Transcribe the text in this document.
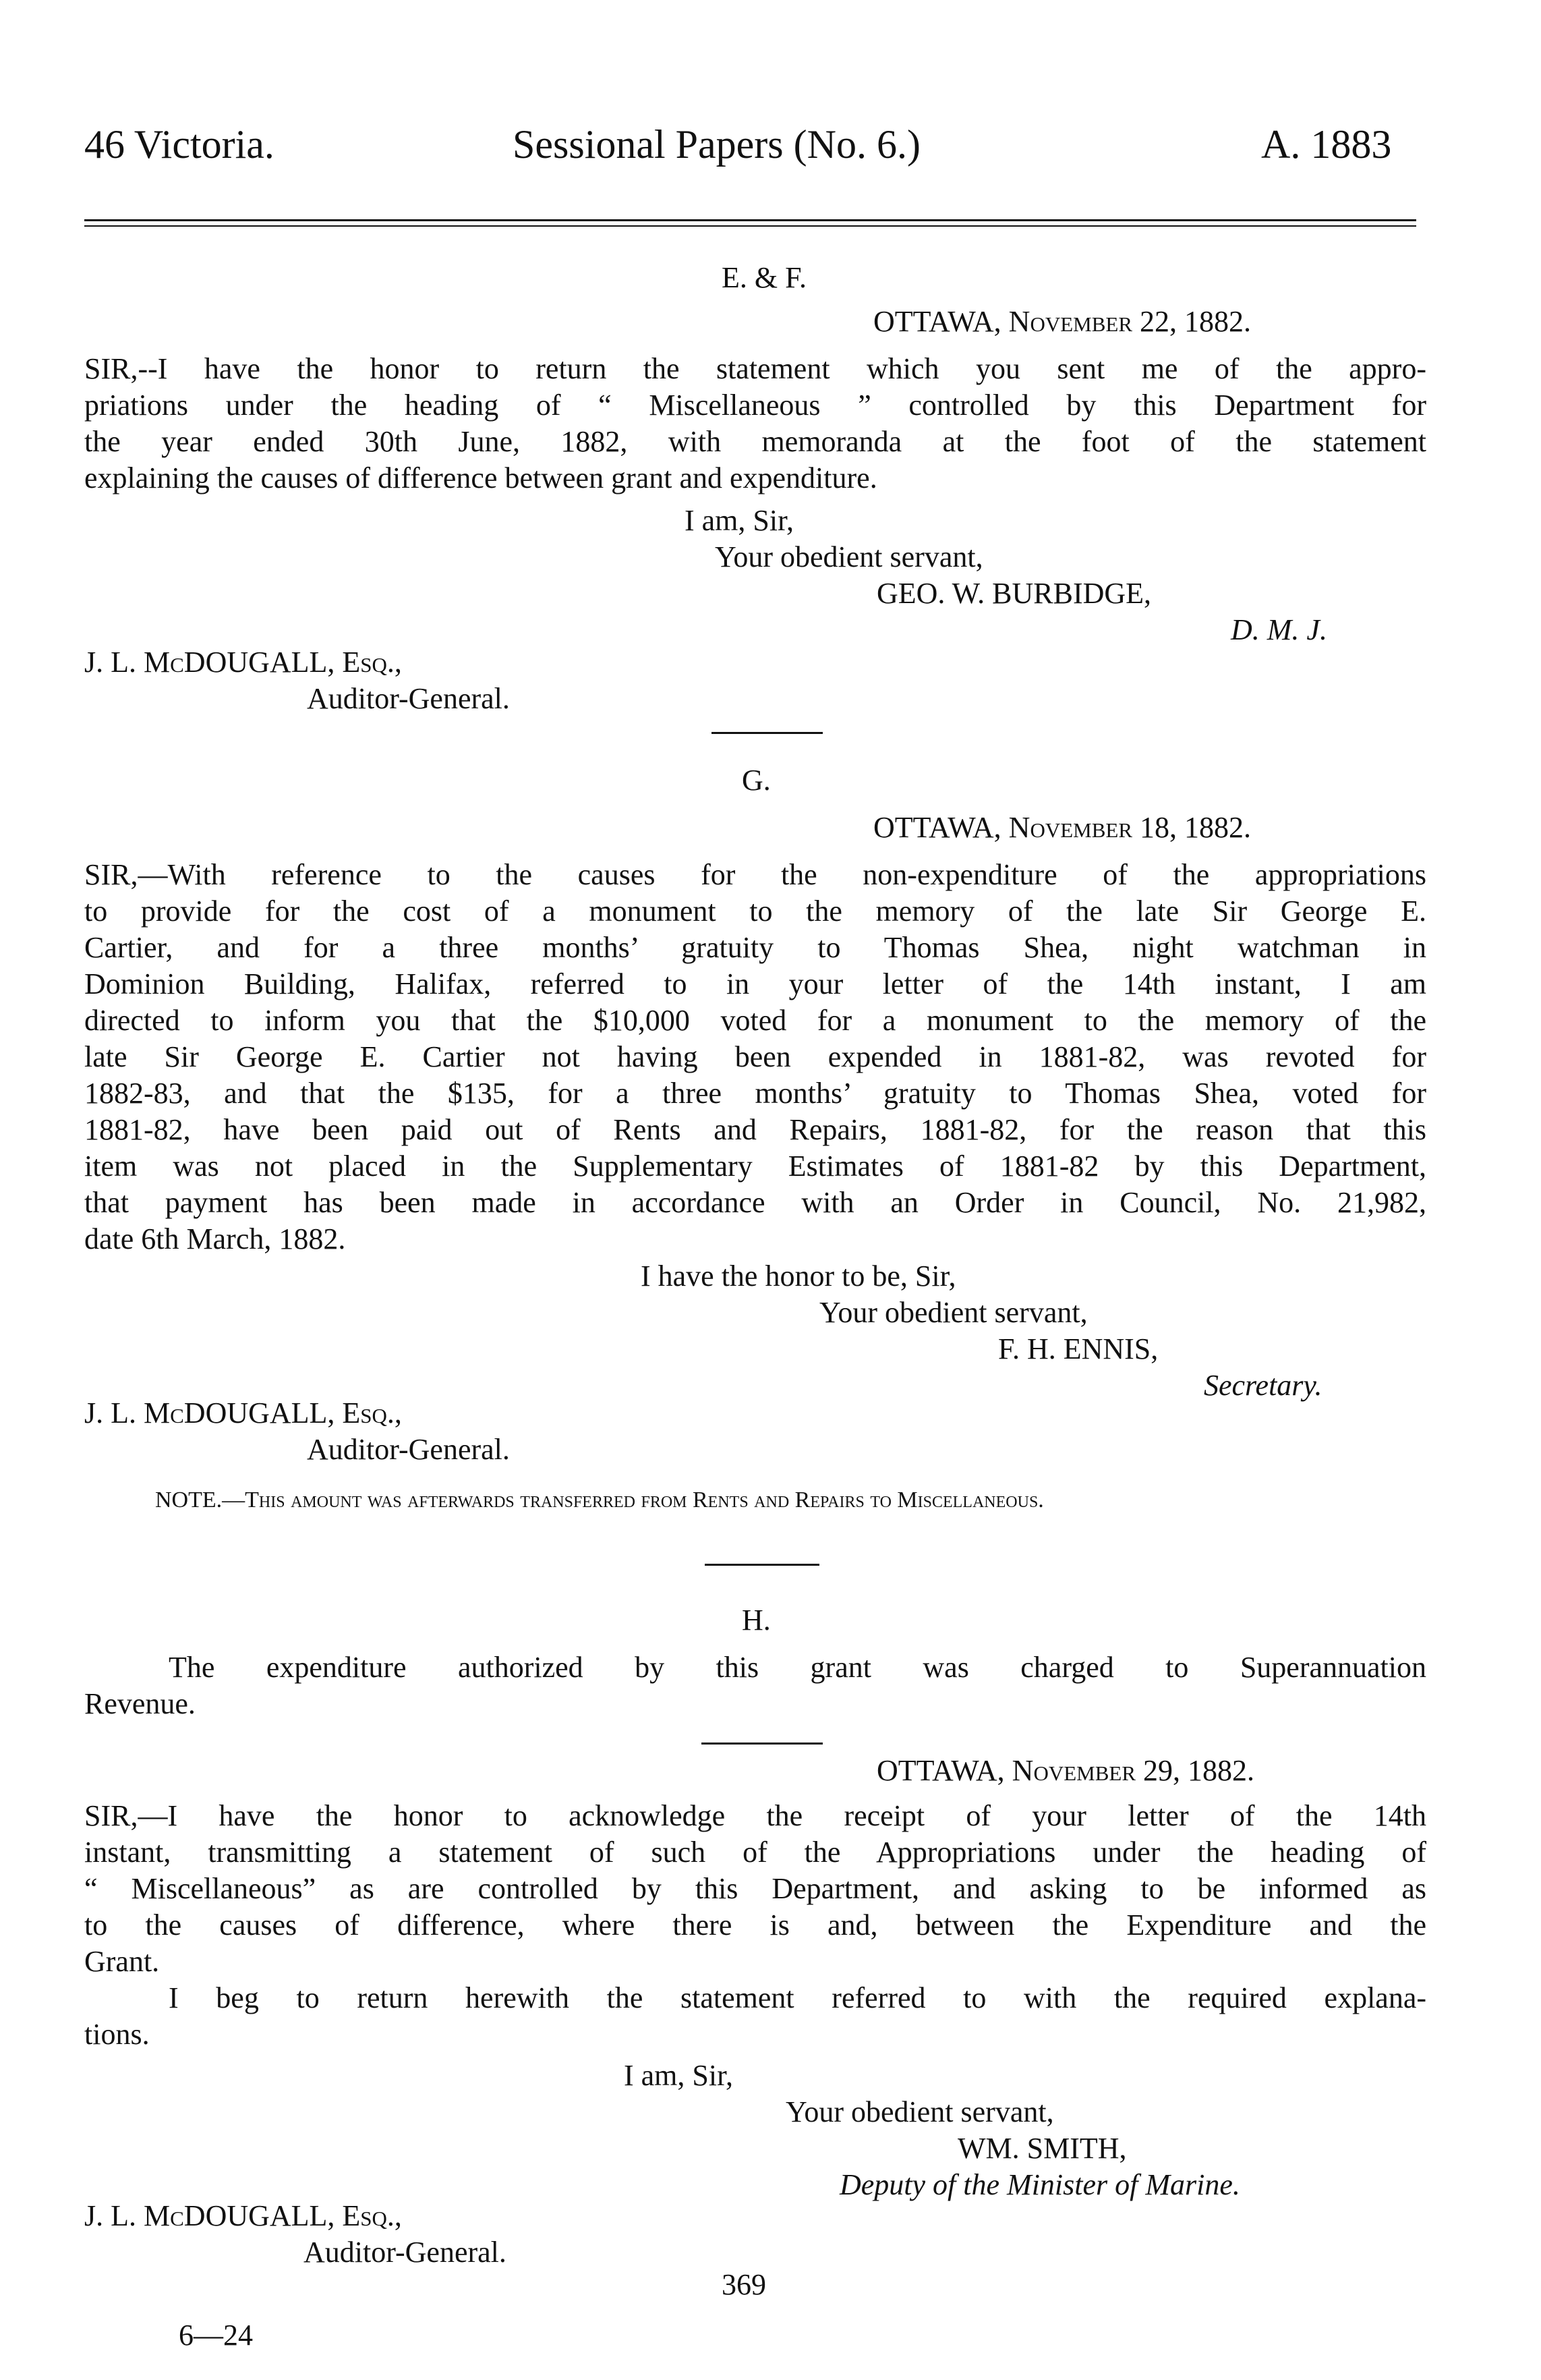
46 Victoria.	Sessional Papers (No. 6.)	A. 1883
E. & F.
OTTAWA, November 22, 1882.
SIR,--I have the honor to return the statement which you sent me of the appro-
priations under the heading of “ Miscellaneous ” controlled by this Department for
the year ended 30th June, 1882, with memoranda at the foot of the statement
explaining the causes of difference between grant and expenditure.
I am, Sir,
Your obedient servant,
GEO. W. BURBIDGE,
D. M. J.
J. L. McDOUGALL, Esq.,
Auditor-General.
G.
OTTAWA, November 18, 1882.
SIR,—With reference to the causes for the non-expenditure of the appropriations
to provide for the cost of a monument to the memory of the late Sir George E.
Cartier, and for a three months’ gratuity to Thomas Shea, night watchman in
Dominion Building, Halifax, referred to in your letter of the 14th instant, I am
directed to inform you that the $10,000 voted for a monument to the memory of the
late Sir George E. Cartier not having been expended in 1881-82, was revoted for
1882-83, and that the $135, for a three months’ gratuity to Thomas Shea, voted for
1881-82, have been paid out of Rents and Repairs, 1881-82, for the reason that this
item was not placed in the Supplementary Estimates of 1881-82 by this Department,
that payment has been made in accordance with an Order in Council, No. 21,982,
date 6th March, 1882.
I have the honor to be, Sir,
Your obedient servant,
F. H. ENNIS,
Secretary.
J. L. McDOUGALL, Esq.,
Auditor-General.
NOTE.—This amount was afterwards transferred from Rents and Repairs to Miscellaneous.
H.
The expenditure authorized by this grant was charged to Superannuation
Revenue.
OTTAWA, November 29, 1882.
SIR,—I have the honor to acknowledge the receipt of your letter of the 14th
instant, transmitting a statement of such of the Appropriations under the heading of
“ Miscellaneous” as are controlled by this Department, and asking to be informed as
to the causes of difference, where there is and, between the Expenditure and the
Grant.
I beg to return herewith the statement referred to with the required explana-
tions.
I am, Sir,
Your obedient servant,
WM. SMITH,
Deputy of the Minister of Marine.
J. L. McDOUGALL, Esq.,
Auditor-General.
369
6—24
